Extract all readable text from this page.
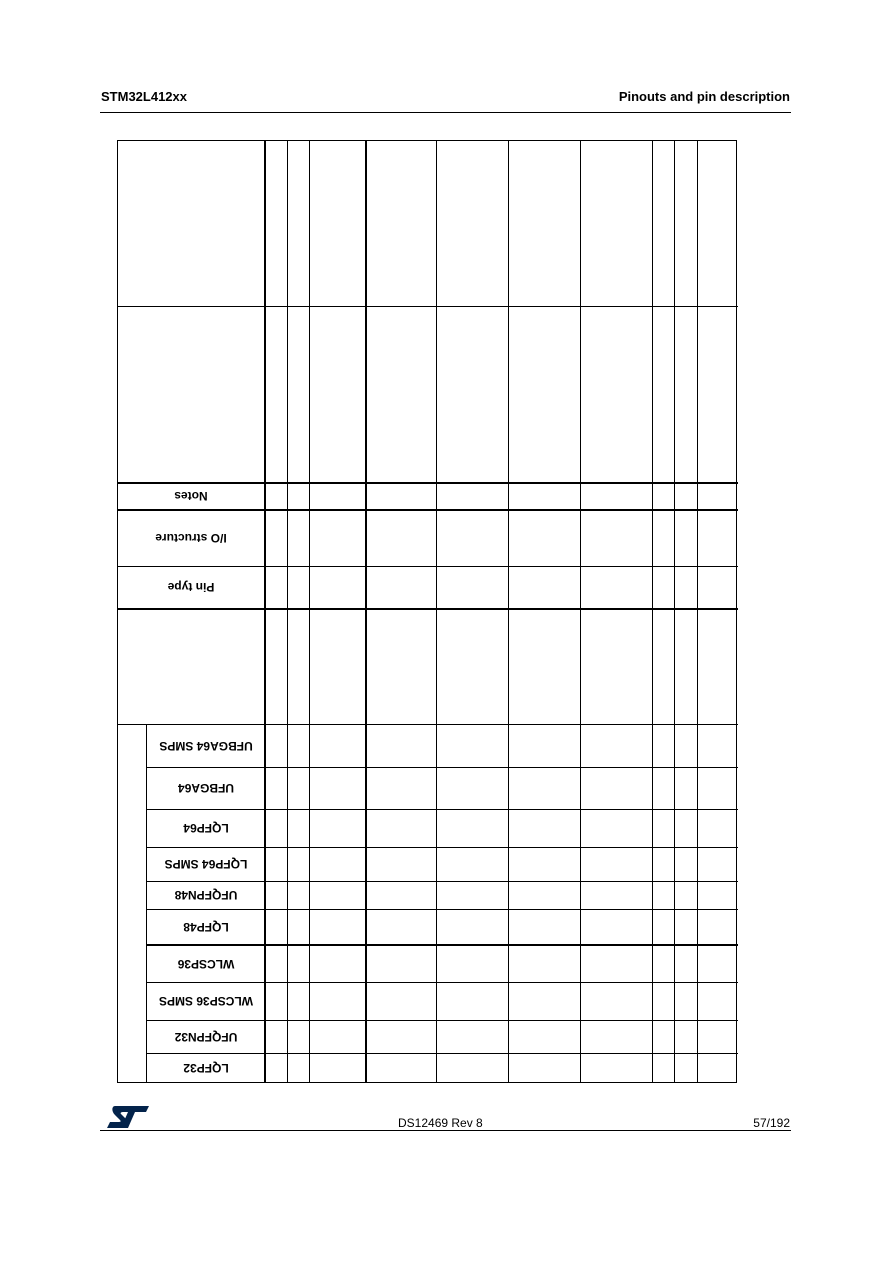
STM32L412xx	Pinouts and pin description
Notes
I/O structure
Pin type
UFBGA64 SMPS
UFBGA64
LQFP64
LQFP64 SMPS
UFQFPN48
LQFP48
WLCSP36
WLCSP36 SMPS
UFQFPN32
LQFP32
DS12469 Rev 8	57/192
